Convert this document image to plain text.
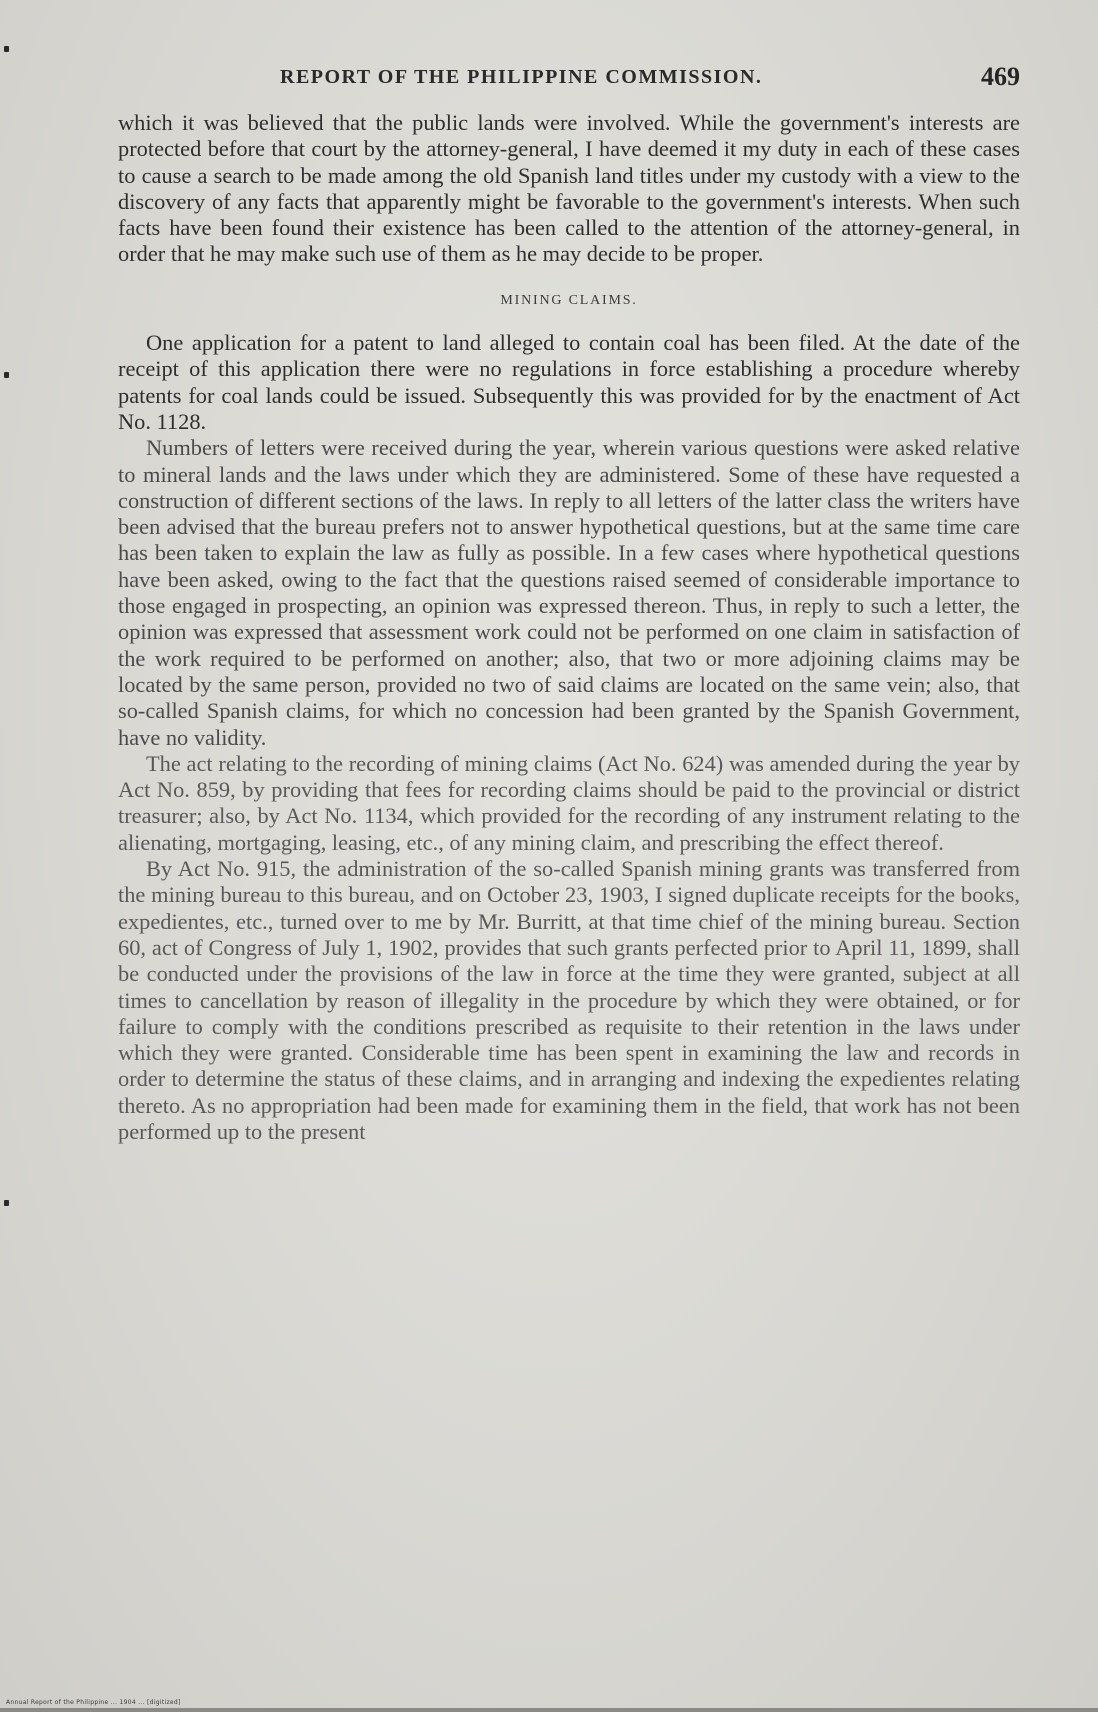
REPORT OF THE PHILIPPINE COMMISSION.	469

which it was believed that the public lands were involved. While the government's interests are protected before that court by the attorney-general, I have deemed it my duty in each of these cases to cause a search to be made among the old Spanish land titles under my custody with a view to the discovery of any facts that apparently might be favorable to the government's interests. When such facts have been found their existence has been called to the attention of the attorney-general, in order that he may make such use of them as he may decide to be proper.

MINING CLAIMS.

One application for a patent to land alleged to contain coal has been filed. At the date of the receipt of this application there were no regulations in force establishing a procedure whereby patents for coal lands could be issued. Subsequently this was provided for by the enactment of Act No. 1128.

Numbers of letters were received during the year, wherein various questions were asked relative to mineral lands and the laws under which they are administered. Some of these have requested a construction of different sections of the laws. In reply to all letters of the latter class the writers have been advised that the bureau prefers not to answer hypothetical questions, but at the same time care has been taken to explain the law as fully as possible. In a few cases where hypothetical questions have been asked, owing to the fact that the questions raised seemed of considerable importance to those engaged in prospecting, an opinion was expressed thereon. Thus, in reply to such a letter, the opinion was expressed that assessment work could not be performed on one claim in satisfaction of the work required to be performed on another; also, that two or more adjoining claims may be located by the same person, provided no two of said claims are located on the same vein; also, that so-called Spanish claims, for which no concession had been granted by the Spanish Government, have no validity.

The act relating to the recording of mining claims (Act No. 624) was amended during the year by Act No. 859, by providing that fees for recording claims should be paid to the provincial or district treasurer; also, by Act No. 1134, which provided for the recording of any instrument relating to the alienating, mortgaging, leasing, etc., of any mining claim, and prescribing the effect thereof.

By Act No. 915, the administration of the so-called Spanish mining grants was transferred from the mining bureau to this bureau, and on October 23, 1903, I signed duplicate receipts for the books, expedientes, etc., turned over to me by Mr. Burritt, at that time chief of the mining bureau. Section 60, act of Congress of July 1, 1902, provides that such grants perfected prior to April 11, 1899, shall be conducted under the provisions of the law in force at the time they were granted, subject at all times to cancellation by reason of illegality in the procedure by which they were obtained, or for failure to comply with the conditions prescribed as requisite to their retention in the laws under which they were granted. Considerable time has been spent in examining the law and records in order to determine the status of these claims, and in arranging and indexing the expedientes relating thereto. As no appropriation had been made for examining them in the field, that work has not been performed up to the present

Annual Report of the Philippine ... 1904 ... [digitized]
